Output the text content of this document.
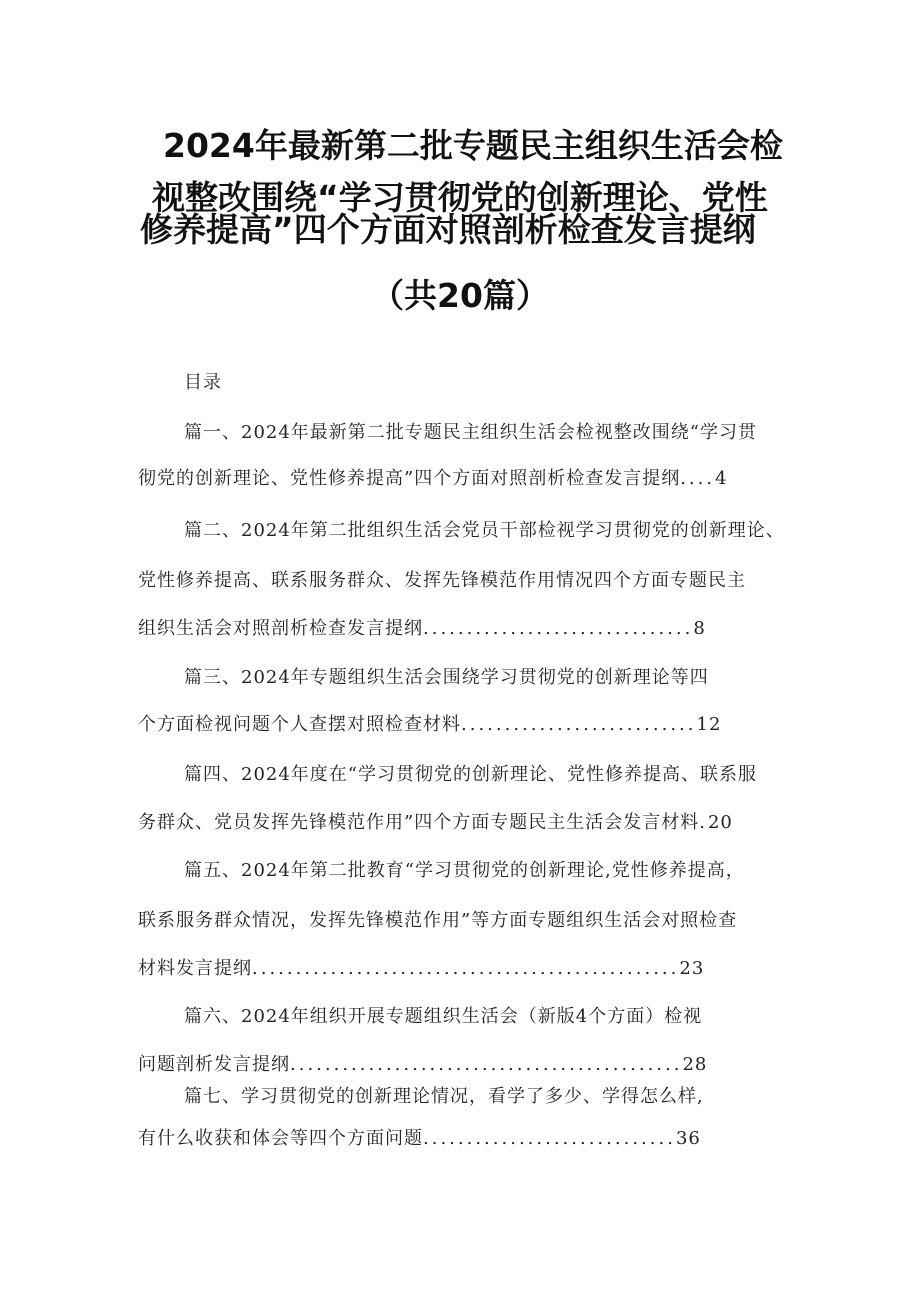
2024年最新第二批专题民主组织生活会检
视整改围绕“学习贯彻党的创新理论、党性
修养提高”四个方面对照剖析检查发言提纲
（共20篇）
目录
篇一、2024年最新第二批专题民主组织生活会检视整改围绕“学习贯
彻党的创新理论、党性修养提高”四个方面对照剖析检查发言提纲....4
篇二、2024年第二批组织生活会党员干部检视学习贯彻党的创新理论、
党性修养提高、联系服务群众、发挥先锋模范作用情况四个方面专题民主
组织生活会对照剖析检查发言提纲...............................8
篇三、2024年专题组织生活会围绕学习贯彻党的创新理论等四
个方面检视问题个人查摆对照检查材料...........................12
篇四、2024年度在“学习贯彻党的创新理论、党性修养提高、联系服
务群众、党员发挥先锋模范作用”四个方面专题民主生活会发言材料.20
篇五、2024年第二批教育“学习贯彻党的创新理论,党性修养提高，
联系服务群众情况，发挥先锋模范作用”等方面专题组织生活会对照检查
材料发言提纲.................................................23
篇六、2024年组织开展专题组织生活会（新版4个方面）检视
问题剖析发言提纲.............................................28
篇七、学习贯彻党的创新理论情况，看学了多少、学得怎么样,
有什么收获和体会等四个方面问题.............................36
